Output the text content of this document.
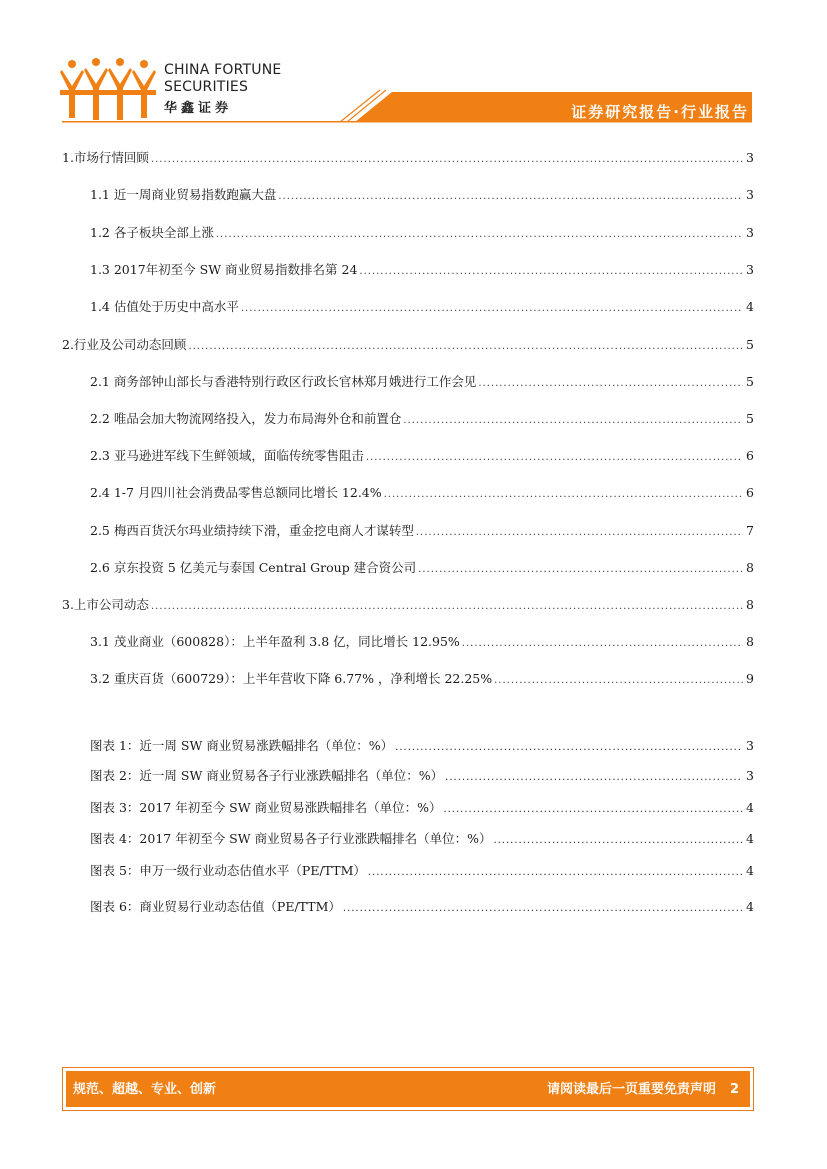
CHINA FORTUNE
SECURITIES
华鑫证券	证券研究报告·行业报告
1.市场行情回顾 .....	3
1.1 近一周商业贸易指数跑赢大盘 .....	3
1.2 各子板块全部上涨 .....	3
1.3 2017年初至今 SW 商业贸易指数排名第 24 .....	3
1.4 估值处于历史中高水平 .....	4
2.行业及公司动态回顾 .....	5
2.1 商务部钟山部长与香港特别行政区行政长官林郑月娥进行工作会见 .....	5
2.2 唯品会加大物流网络投入，发力布局海外仓和前置仓 .....	5
2.3 亚马逊进军线下生鲜领域，面临传统零售阻击 .....	6
2.4 1-7 月四川社会消费品零售总额同比增长 12.4% .....	6
2.5 梅西百货沃尔玛业绩持续下滑，重金挖电商人才谋转型 .....	7
2.6 京东投资 5 亿美元与泰国 Central Group 建合资公司 .....	8
3.上市公司动态 .....	8
3.1 茂业商业（600828）：上半年盈利 3.8 亿，同比增长 12.95% .....	8
3.2 重庆百货（600729）：上半年营收下降 6.77% ，净利增长 22.25% .....	9
图表 1：近一周 SW 商业贸易涨跌幅排名（单位：%） .....	3
图表 2：近一周 SW 商业贸易各子行业涨跌幅排名（单位：%） .....	3
图表 3：2017 年初至今 SW 商业贸易涨跌幅排名（单位：%） .....	4
图表 4：2017 年初至今 SW 商业贸易各子行业涨跌幅排名（单位：%） .....	4
图表 5：申万一级行业动态估值水平（PE/TTM） .....	4
图表 6：商业贸易行业动态估值（PE/TTM） .....	4
规范、超越、专业、创新	请阅读最后一页重要免责声明 2
